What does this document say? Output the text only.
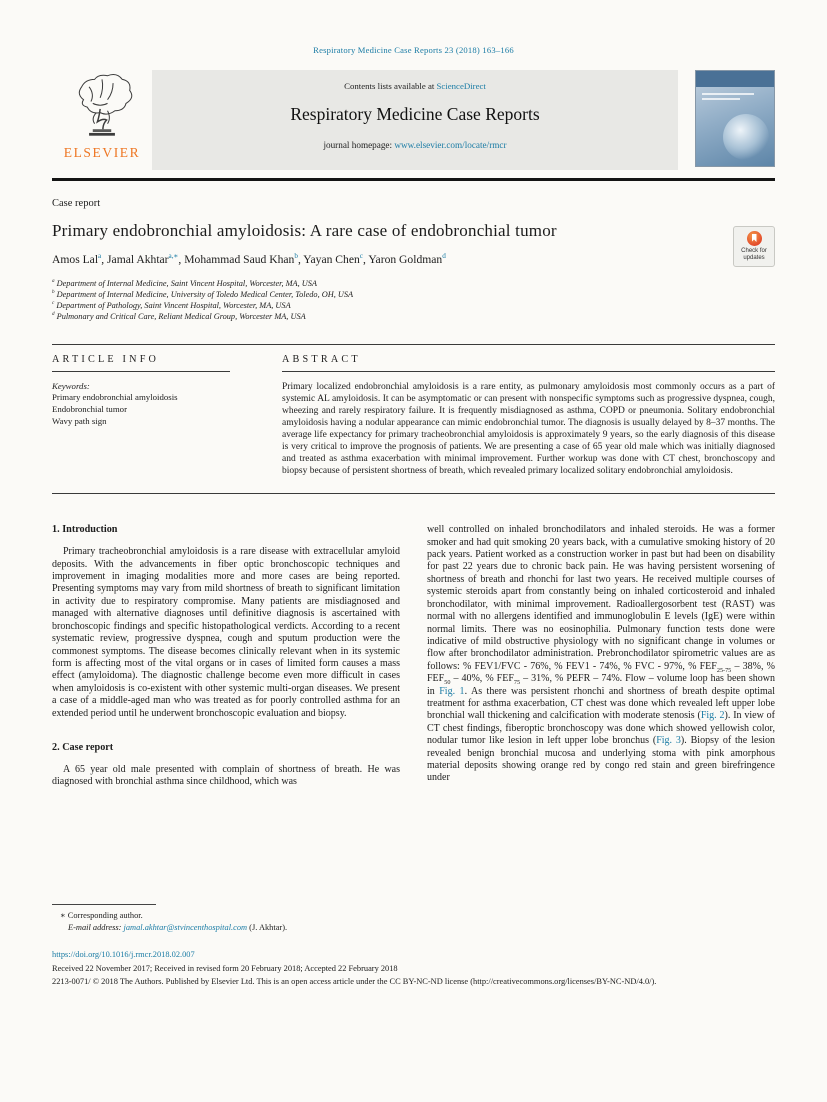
Respiratory Medicine Case Reports 23 (2018) 163–166
ELSEVIER
Contents lists available at ScienceDirect
Respiratory Medicine Case Reports
journal homepage: www.elsevier.com/locate/rmcr
Case report
Primary endobronchial amyloidosis: A rare case of endobronchial tumor
Check for
updates
Amos Lal$^a$, Jamal Akhtar$^{a,∗}$, Mohammad Saud Khan$^b$, Yayan Chen$^c$, Yaron Goldman$^d$
$^a$ Department of Internal Medicine, Saint Vincent Hospital, Worcester, MA, USA
$^b$ Department of Internal Medicine, University of Toledo Medical Center, Toledo, OH, USA
$^c$ Department of Pathology, Saint Vincent Hospital, Worcester, MA, USA
$^d$ Pulmonary and Critical Care, Reliant Medical Group, Worcester MA, USA
ARTICLE INFO
Keywords:
Primary endobronchial amyloidosis
Endobronchial tumor
Wavy path sign
ABSTRACT

Primary localized endobronchial amyloidosis is a rare entity, as pulmonary amyloidosis most commonly occurs as a part of systemic AL amyloidosis. It can be asymptomatic or can present with nonspecific symptoms such as progressive dyspnea, cough, wheezing and rarely respiratory failure. It is frequently misdiagnosed as asthma, COPD or pneumonia. Solitary endobronchial amyloidosis having a nodular appearance can mimic endobronchial tumor. The diagnosis is usually delayed by 8–37 months. The average life expectancy for primary tracheobronchial amyloidosis is approximately 9 years, so the early diagnosis of this disease is very critical to improve the prognosis of patients. We are presenting a case of 65 year old male which was initially diagnosed and treated as asthma exacerbation with minimal improvement. Further workup was done with CT chest, bronchoscopy and biopsy because of persistent shortness of breath, which revealed primary localized solitary endobronchial amyloidosis.

1. Introduction

Primary tracheobronchial amyloidosis is a rare disease with extracellular amyloid deposits. With the advancements in fiber optic bronchoscopic techniques and improvement in imaging modalities more and more cases are being reported. Presenting symptoms may vary from mild shortness of breath to significant limitation in activity due to respiratory compromise. Many patients are misdiagnosed and managed with alternative diagnoses until definitive diagnosis is ascertained with bronchoscopic findings and specific histopathological verdicts. According to a recent systematic review, progressive dyspnea, cough and sputum production were the commonest symptoms. The disease becomes clinically relevant when in its systemic form is affecting most of the vital organs or in cases of limited form causes a mass effect (amyloidoma). The diagnostic challenge become even more difficult in cases when amyloidosis is co-existent with other systemic multi-organ diseases. We present a case of a middle-aged man who was treated as for poorly controlled asthma for an extended period until he underwent bronchoscopic evaluation and biopsy.

2. Case report

A 65 year old male presented with complain of shortness of breath. He was diagnosed with bronchial asthma since childhood, which was

well controlled on inhaled bronchodilators and inhaled steroids. He was a former smoker and had quit smoking 20 years back, with a cumulative smoking history of 20 pack years. Patient worked as a construction worker in past but had been on disability for past 22 years due to chronic back pain. He was having persistent worsening of shortness of breath and rhonchi for last two years. He received multiple courses of systemic steroids apart from constantly being on inhaled corticosteroid and inhaled bronchodilator, with minimal improvement. Radioallergosorbent test (RAST) was normal with no allergens identified and immunoglobulin E levels (IgE) were within normal limits. There was no eosinophilia. Pulmonary function tests done were indicative of mild obstructive physiology with no significant change in volumes or flow after bronchodilator administration. Prebronchodilator spirometric values are as follows: % FEV1/FVC - 76%, % FEV1 - 74%, % FVC - 97%, % $FEF_{25-75} - 38\%$, % $FEF_{50} - 40\%$, % $FEF_{75} - 31\%$, % PEFR – 74%. Flow – volume loop has been shown in Fig. 1. As there was persistent rhonchi and shortness of breath despite optimal treatment for asthma exacerbation, CT chest was done which revealed left upper lobe bronchial wall thickening and calcification with moderate stenosis (Fig. 2). In view of CT chest findings, fiberoptic bronchoscopy was done which showed yellowish color, nodular tumor like lesion in left upper lobe bronchus (Fig. 3). Biopsy of the lesion revealed benign bronchial mucosa and underlying stoma with pink amorphous material deposits showing orange red by congo red stain and green birefringence under

∗ Corresponding author.
E-mail address: jamal.akhtar@stvincenthospital.com (J. Akhtar).
https://doi.org/10.1016/j.rmcr.2018.02.007
Received 22 November 2017; Received in revised form 20 February 2018; Accepted 22 February 2018
2213-0071/ © 2018 The Authors. Published by Elsevier Ltd. This is an open access article under the CC BY-NC-ND license (http://creativecommons.org/licenses/BY-NC-ND/4.0/).
